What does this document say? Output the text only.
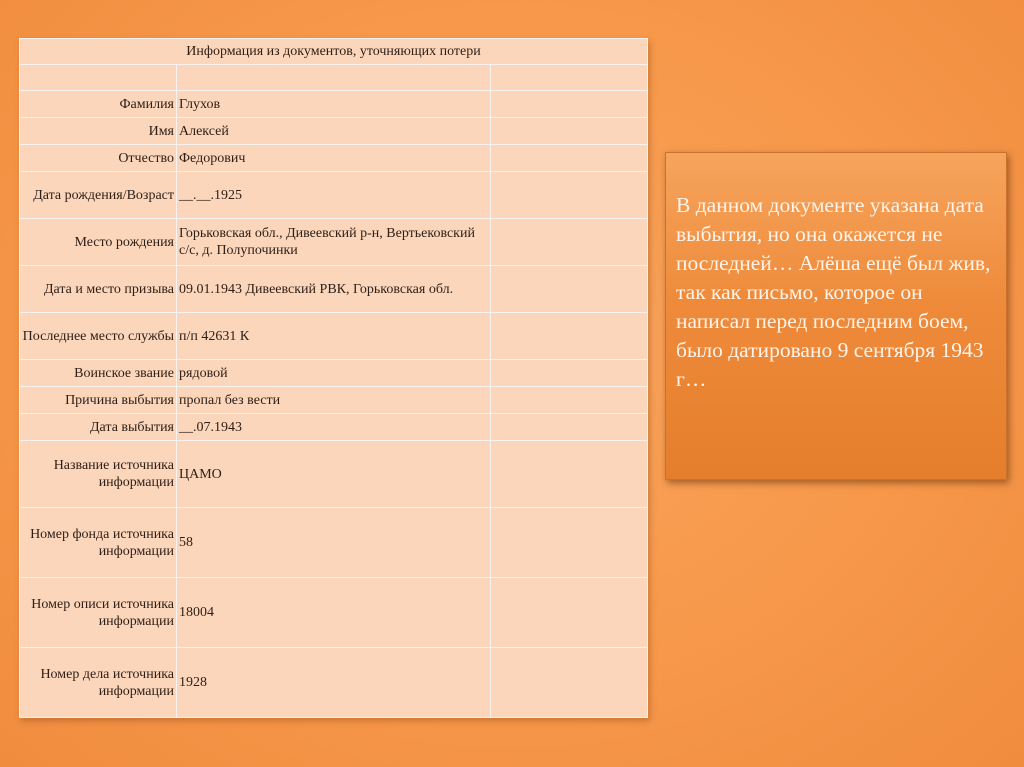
Информация из документов, уточняющих потери		

Фамилия	Глухов	
Имя	Алексей	
Отчество	Федорович	
Дата рождения/Возраст	__.__.1925	
Место рождения	Горьковская обл., Дивеевский р-н, Вертьековский с/с, д. Полупочинки	
Дата и место призыва	09.01.1943 Дивеевский РВК, Горьковская обл.	
Последнее место службы	п/п 42631 К	
Воинское звание	рядовой	
Причина выбытия	пропал без вести	
Дата выбытия	__.07.1943	
Название источника информации	ЦАМО	
Номер фонда источника информации	58	
Номер описи источника информации	18004	
Номер дела источника информации	1928	
В данном документе указана дата выбытия, но она окажется не последней… Алёша ещё был жив, так как письмо, которое он написал перед последним боем, было датировано 9 сентября 1943 г…
